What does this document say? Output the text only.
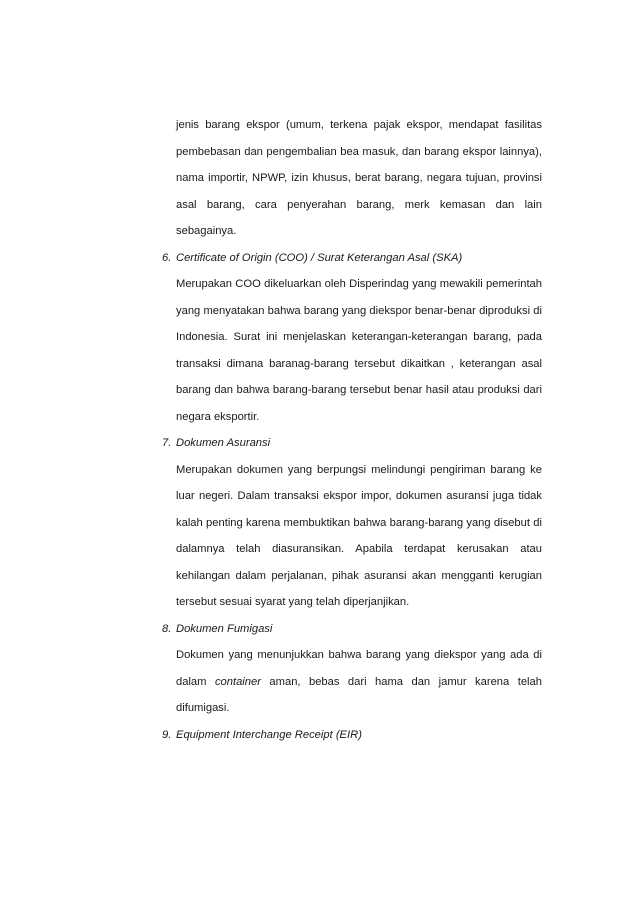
jenis barang ekspor (umum, terkena pajak ekspor, mendapat fasilitas pembebasan dan pengembalian bea masuk, dan barang ekspor lainnya), nama importir, NPWP, izin khusus, berat barang, negara tujuan, provinsi asal barang, cara penyerahan barang, merk kemasan dan lain sebagainya.

6. Certificate of Origin (COO) / Surat Keterangan Asal (SKA)

Merupakan COO dikeluarkan oleh Disperindag yang mewakili pemerintah yang menyatakan bahwa barang yang diekspor benar-benar diproduksi di Indonesia. Surat ini menjelaskan keterangan-keterangan barang, pada transaksi dimana baranag-barang tersebut dikaitkan , keterangan asal barang dan bahwa barang-barang tersebut benar hasil atau produksi dari negara eksportir.

7. Dokumen Asuransi

Merupakan dokumen yang berpungsi melindungi pengiriman barang ke luar negeri. Dalam transaksi ekspor impor, dokumen asuransi juga tidak kalah penting karena membuktikan bahwa barang-barang yang disebut di dalamnya telah diasuransikan. Apabila terdapat kerusakan atau kehilangan dalam perjalanan, pihak asuransi akan mengganti kerugian tersebut sesuai syarat yang telah diperjanjikan.

8. Dokumen Fumigasi

Dokumen yang menunjukkan bahwa barang yang diekspor yang ada di dalam container aman, bebas dari hama dan jamur karena telah difumigasi.

9. Equipment Interchange Receipt (EIR)
